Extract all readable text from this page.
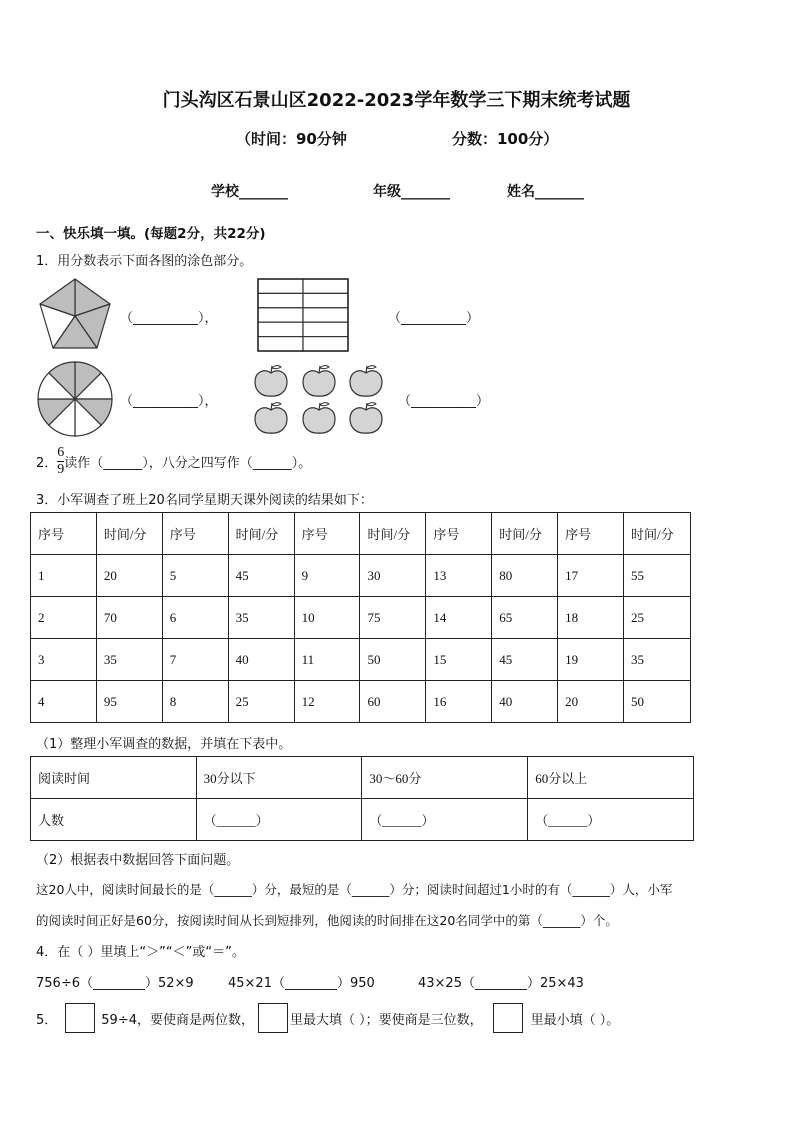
门头沟区石景山区2022-2023学年数学三下期末统考试题
（时间：90分钟	分数：100分）
学校_______	年级_______	姓名_______
一、快乐填一填。(每题2分，共22分)
1．用分数表示下面各图的涂色部分。
（__________），	（__________）
（__________），	（__________）
2． $\frac{6}{9}$ 读作（______），八分之四写作（______）。
3．小军调查了班上20名同学星期天课外阅读的结果如下：
序号	时间/分	序号	时间/分	序号	时间/分	序号	时间/分	序号	时间/分
1	20	5	45	9	30	13	80	17	55
2	70	6	35	10	75	14	65	18	25
3	35	7	40	11	50	15	45	19	35
4	95	8	25	12	60	16	40	20	50
（1）整理小军调查的数据，并填在下表中。
阅读时间	30分以下	30～60分	60分以上
人数	（______）	（______）	（______）
（2）根据表中数据回答下面问题。
这20人中，阅读时间最长的是（______）分，最短的是（______）分；阅读时间超过1小时的有（______）人，小军
的阅读时间正好是60分，按阅读时间从长到短排列，他阅读的时间排在这20名同学中的第（______）个。
4．在（ ）里填上“＞”“＜”或“＝”。
756÷6（________）52×9	45×21（________）950	43×25（________）25×43
5．	59÷4，要使商是两位数，	里最大填（ ）；要使商是三位数，	里最小填（ ）。
